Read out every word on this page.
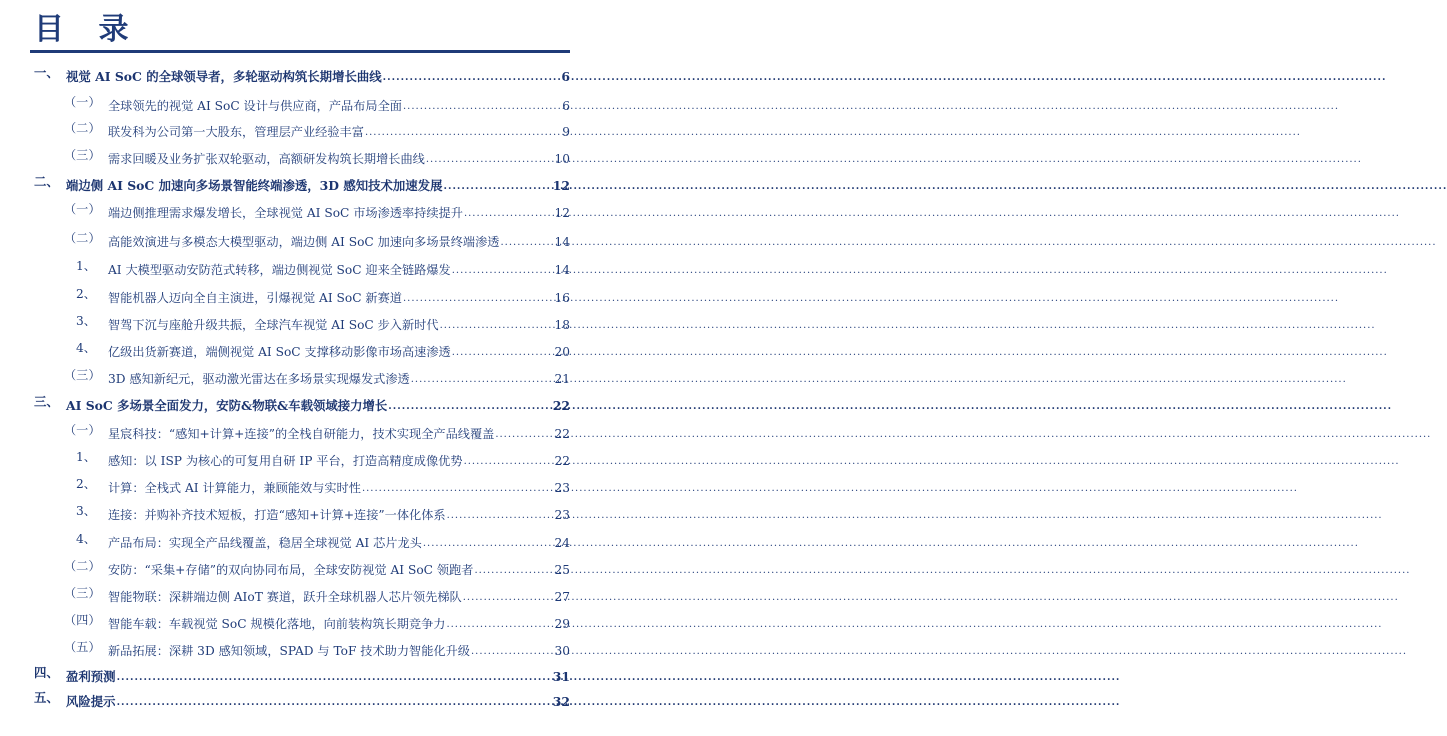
目 录
一、 视觉 AI SoC 的全球领导者，多轮驱动构筑长期增长曲线 .....	6
（一） 全球领先的视觉 AI SoC 设计与供应商，产品布局全面 .....	6
（二） 联发科为公司第一大股东，管理层产业经验丰富 .....	9
（三） 需求回暖及业务扩张双轮驱动，高额研发构筑长期增长曲线 .....	10
二、 端边侧 AI SoC 加速向多场景智能终端渗透，3D 感知技术加速发展 .....	12
（一） 端边侧推理需求爆发增长，全球视觉 AI SoC 市场渗透率持续提升 .....	12
（二） 高能效演进与多模态大模型驱动，端边侧 AI SoC 加速向多场景终端渗透 .....	14
1、 AI 大模型驱动安防范式转移，端边侧视觉 SoC 迎来全链路爆发 .....	14
2、 智能机器人迈向全自主演进，引爆视觉 AI SoC 新赛道 .....	16
3、 智驾下沉与座舱升级共振，全球汽车视觉 AI SoC 步入新时代 .....	18
4、 亿级出货新赛道，端侧视觉 AI SoC 支撑移动影像市场高速渗透 .....	20
（三） 3D 感知新纪元，驱动激光雷达在多场景实现爆发式渗透 .....	21
三、 AI SoC 多场景全面发力，安防&物联&车载领域接力增长 .....	22
（一） 星宸科技：“感知+计算+连接”的全栈自研能力，技术实现全产品线覆盖 .....	22
1、 感知：以 ISP 为核心的可复用自研 IP 平台，打造高精度成像优势 .....	22
2、 计算：全栈式 AI 计算能力，兼顾能效与实时性 .....	23
3、 连接：并购补齐技术短板，打造“感知+计算+连接”一体化体系 .....	23
4、 产品布局：实现全产品线覆盖，稳居全球视觉 AI 芯片龙头 .....	24
（二） 安防：“采集+存储”的双向协同布局，全球安防视觉 AI SoC 领跑者 .....	25
（三） 智能物联：深耕端边侧 AIoT 赛道，跃升全球机器人芯片领先梯队 .....	27
（四） 智能车载：车载视觉 SoC 规模化落地，向前装构筑长期竞争力 .....	29
（五） 新品拓展：深耕 3D 感知领域，SPAD 与 ToF 技术助力智能化升级 .....	30
四、 盈利预测 .....	31
五、 风险提示 .....	32
